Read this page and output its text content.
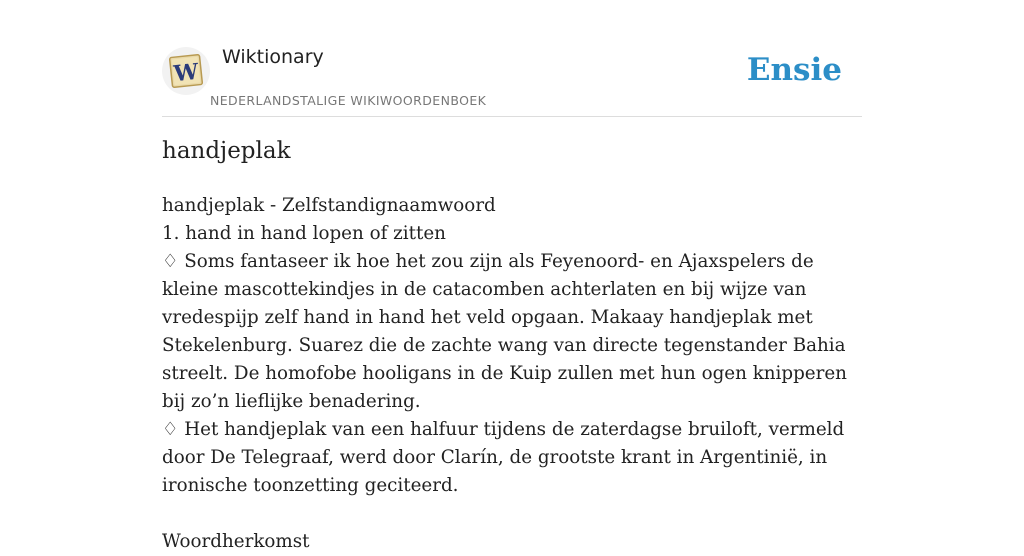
W
Wiktionary
NEDERLANDSTALIGE WIKIWOORDENBOEK
Ensie
handjeplak

handjeplak - Zelfstandignaamwoord

1. hand in hand lopen of zitten

♢ Soms fantaseer ik hoe het zou zijn als Feyenoord- en Ajaxspelers de kleine mascottekindjes in de catacomben achterlaten en bij wijze van vredespijp zelf hand in hand het veld opgaan. Makaay handjeplak met Stekelenburg. Suarez die de zachte wang van directe tegenstander Bahia streelt. De homofobe hooligans in de Kuip zullen met hun ogen knipperen bij zo’n lieflijke benadering.

♢ Het handjeplak van een halfuur tijdens de zaterdagse bruiloft, vermeld door De Telegraaf, werd door Clarín, de grootste krant in Argentinië, in ironische toonzetting geciteerd.

Woordherkomst
